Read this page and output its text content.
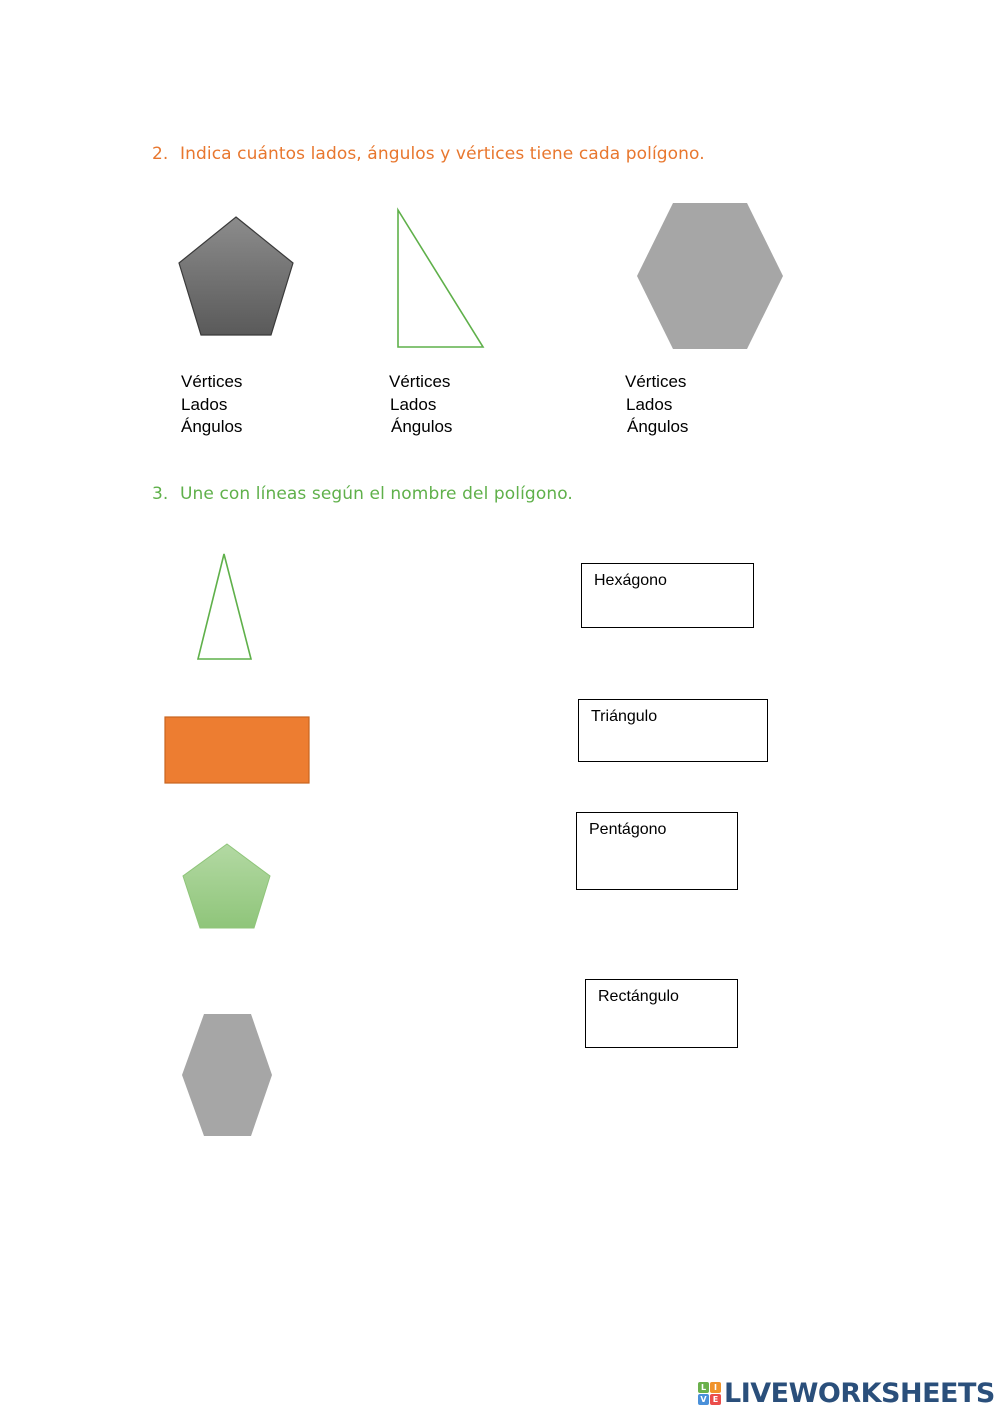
2. Indica cuántos lados, ángulos y vértices tiene cada polígono.
Vértices
Lados
Ángulos
Vértices
Lados
Ángulos
Vértices
Lados
Ángulos
3. Une con líneas según el nombre del polígono.
Hexágono
Triángulo
Pentágono
Rectángulo
L I
V E LIVEWORKSHEETS
